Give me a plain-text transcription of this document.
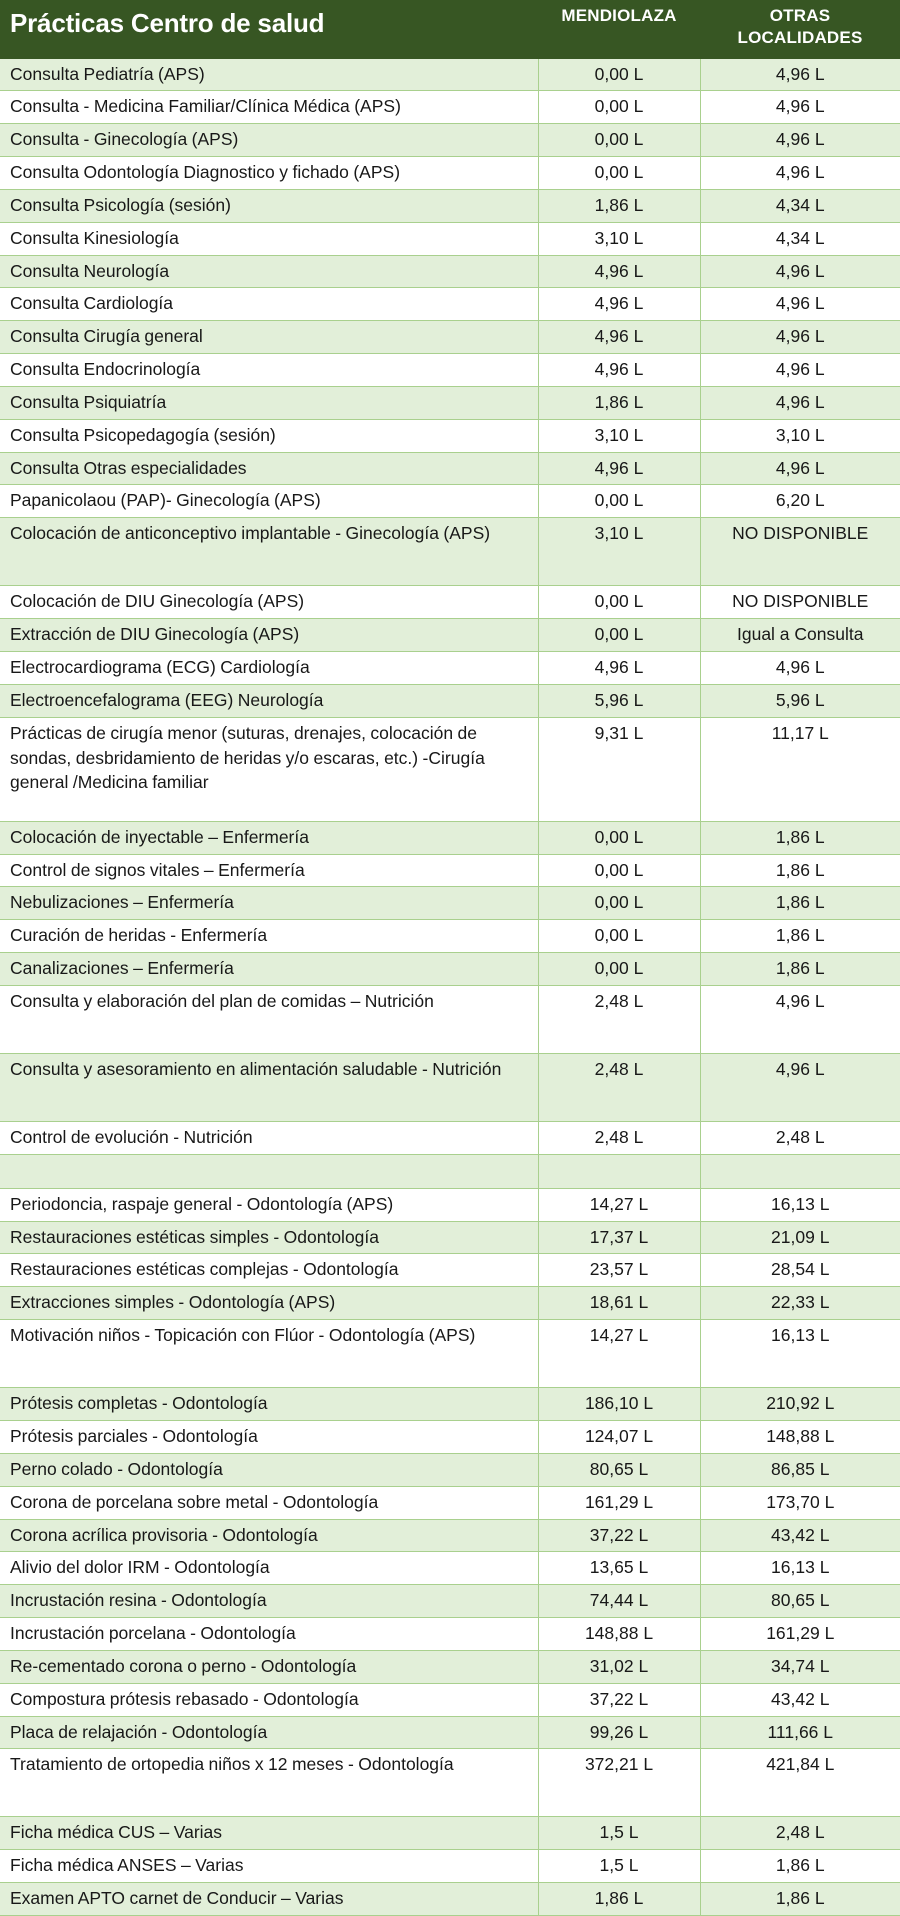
Prácticas Centro de salud	MENDIOLAZA	OTRAS LOCALIDADES
Consulta Pediatría (APS)	0,00 L	4,96 L
Consulta - Medicina Familiar/Clínica Médica (APS)	0,00 L	4,96 L
Consulta - Ginecología (APS)	0,00 L	4,96 L
Consulta Odontología Diagnostico y fichado (APS)	0,00 L	4,96 L
Consulta Psicología (sesión)	1,86 L	4,34 L
Consulta Kinesiología	3,10 L	4,34 L
Consulta Neurología	4,96 L	4,96 L
Consulta Cardiología	4,96 L	4,96 L
Consulta Cirugía general	4,96 L	4,96 L
Consulta Endocrinología	4,96 L	4,96 L
Consulta Psiquiatría	1,86 L	4,96 L
Consulta Psicopedagogía (sesión)	3,10 L	3,10 L
Consulta Otras especialidades	4,96 L	4,96 L
Papanicolaou (PAP)- Ginecología (APS)	0,00 L	6,20 L
Colocación de anticonceptivo implantable - Ginecología (APS)	3,10 L	NO DISPONIBLE
Colocación de DIU Ginecología (APS)	0,00 L	NO DISPONIBLE
Extracción de DIU Ginecología (APS)	0,00 L	Igual a Consulta
Electrocardiograma (ECG) Cardiología	4,96 L	4,96 L
Electroencefalograma (EEG) Neurología	5,96 L	5,96 L
Prácticas de cirugía menor (suturas, drenajes, colocación de sondas, desbridamiento de heridas y/o escaras, etc.) -Cirugía general /Medicina familiar	9,31 L	11,17 L
Colocación de inyectable – Enfermería	0,00 L	1,86 L
Control de signos vitales – Enfermería	0,00 L	1,86 L
Nebulizaciones – Enfermería	0,00 L	1,86 L
Curación de heridas - Enfermería	0,00 L	1,86 L
Canalizaciones – Enfermería	0,00 L	1,86 L
Consulta y elaboración del plan de comidas – Nutrición	2,48 L	4,96 L
Consulta y asesoramiento en alimentación saludable - Nutrición	2,48 L	4,96 L
Control de evolución - Nutrición	2,48 L	2,48 L

Periodoncia, raspaje general - Odontología (APS)	14,27 L	16,13 L
Restauraciones estéticas simples - Odontología	17,37 L	21,09 L
Restauraciones estéticas complejas - Odontología	23,57 L	28,54 L
Extracciones simples - Odontología (APS)	18,61 L	22,33 L
Motivación niños - Topicación con Flúor - Odontología (APS)	14,27 L	16,13 L
Prótesis completas - Odontología	186,10 L	210,92 L
Prótesis parciales - Odontología	124,07 L	148,88 L
Perno colado - Odontología	80,65 L	86,85 L
Corona de porcelana sobre metal - Odontología	161,29 L	173,70 L
Corona acrílica provisoria - Odontología	37,22 L	43,42 L
Alivio del dolor IRM - Odontología	13,65 L	16,13 L
Incrustación resina - Odontología	74,44 L	80,65 L
Incrustación porcelana - Odontología	148,88 L	161,29 L
Re-cementado corona o perno - Odontología	31,02 L	34,74 L
Compostura prótesis rebasado - Odontología	37,22 L	43,42 L
Placa de relajación - Odontología	99,26 L	111,66 L
Tratamiento de ortopedia niños x 12 meses - Odontología	372,21 L	421,84 L
Ficha médica CUS – Varias	1,5 L	2,48 L
Ficha médica ANSES – Varias	1,5 L	1,86 L
Examen APTO carnet de Conducir – Varias	1,86 L	1,86 L
